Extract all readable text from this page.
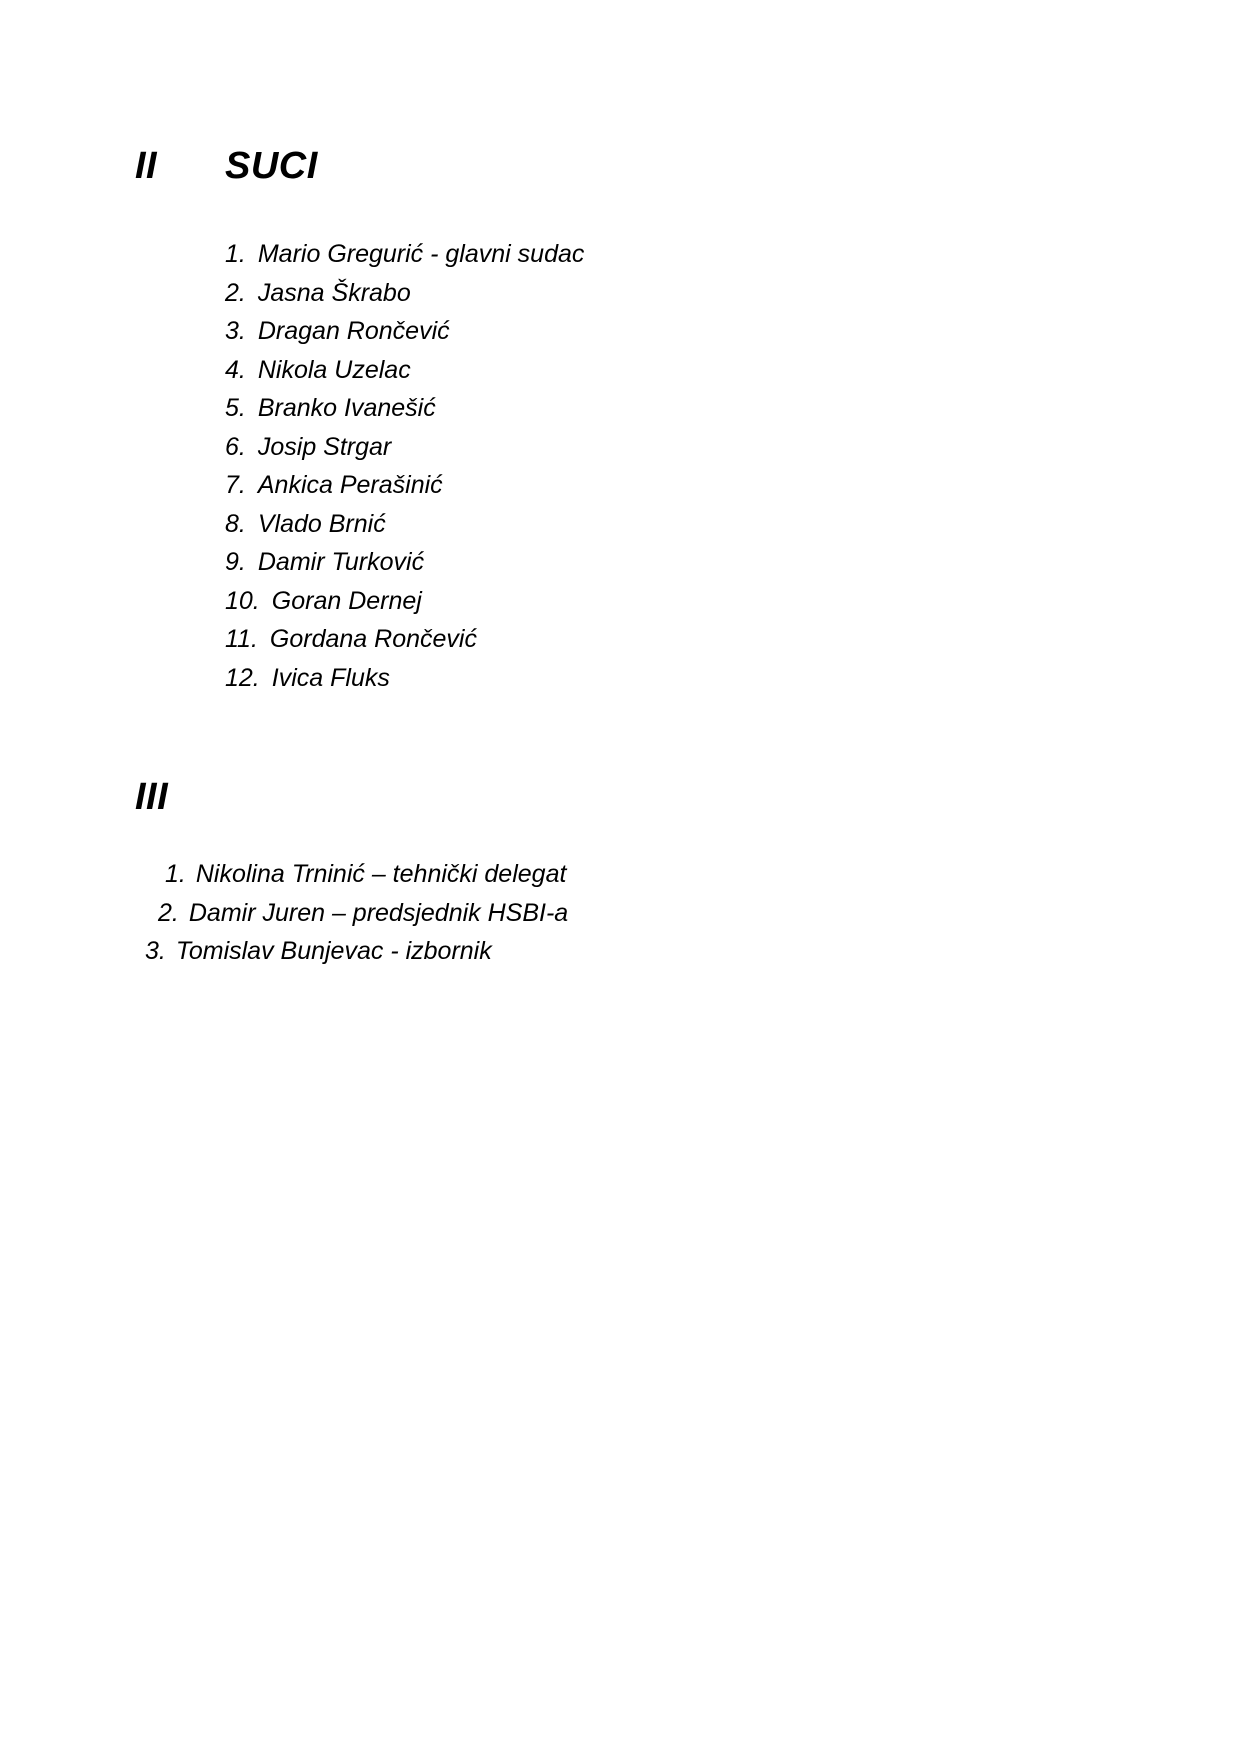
II SUCI
1. Mario Gregurić - glavni sudac
2. Jasna Škrabo
3. Dragan Rončević
4. Nikola Uzelac
5. Branko Ivanešić
6. Josip Strgar
7. Ankica Perašinić
8. Vlado Brnić
9. Damir Turković
10. Goran Dernej
11. Gordana Rončević
12. Ivica Fluks
III
1. Nikolina Trninić – tehnički delegat
2. Damir Juren – predsjednik HSBI-a
3. Tomislav Bunjevac - izbornik
